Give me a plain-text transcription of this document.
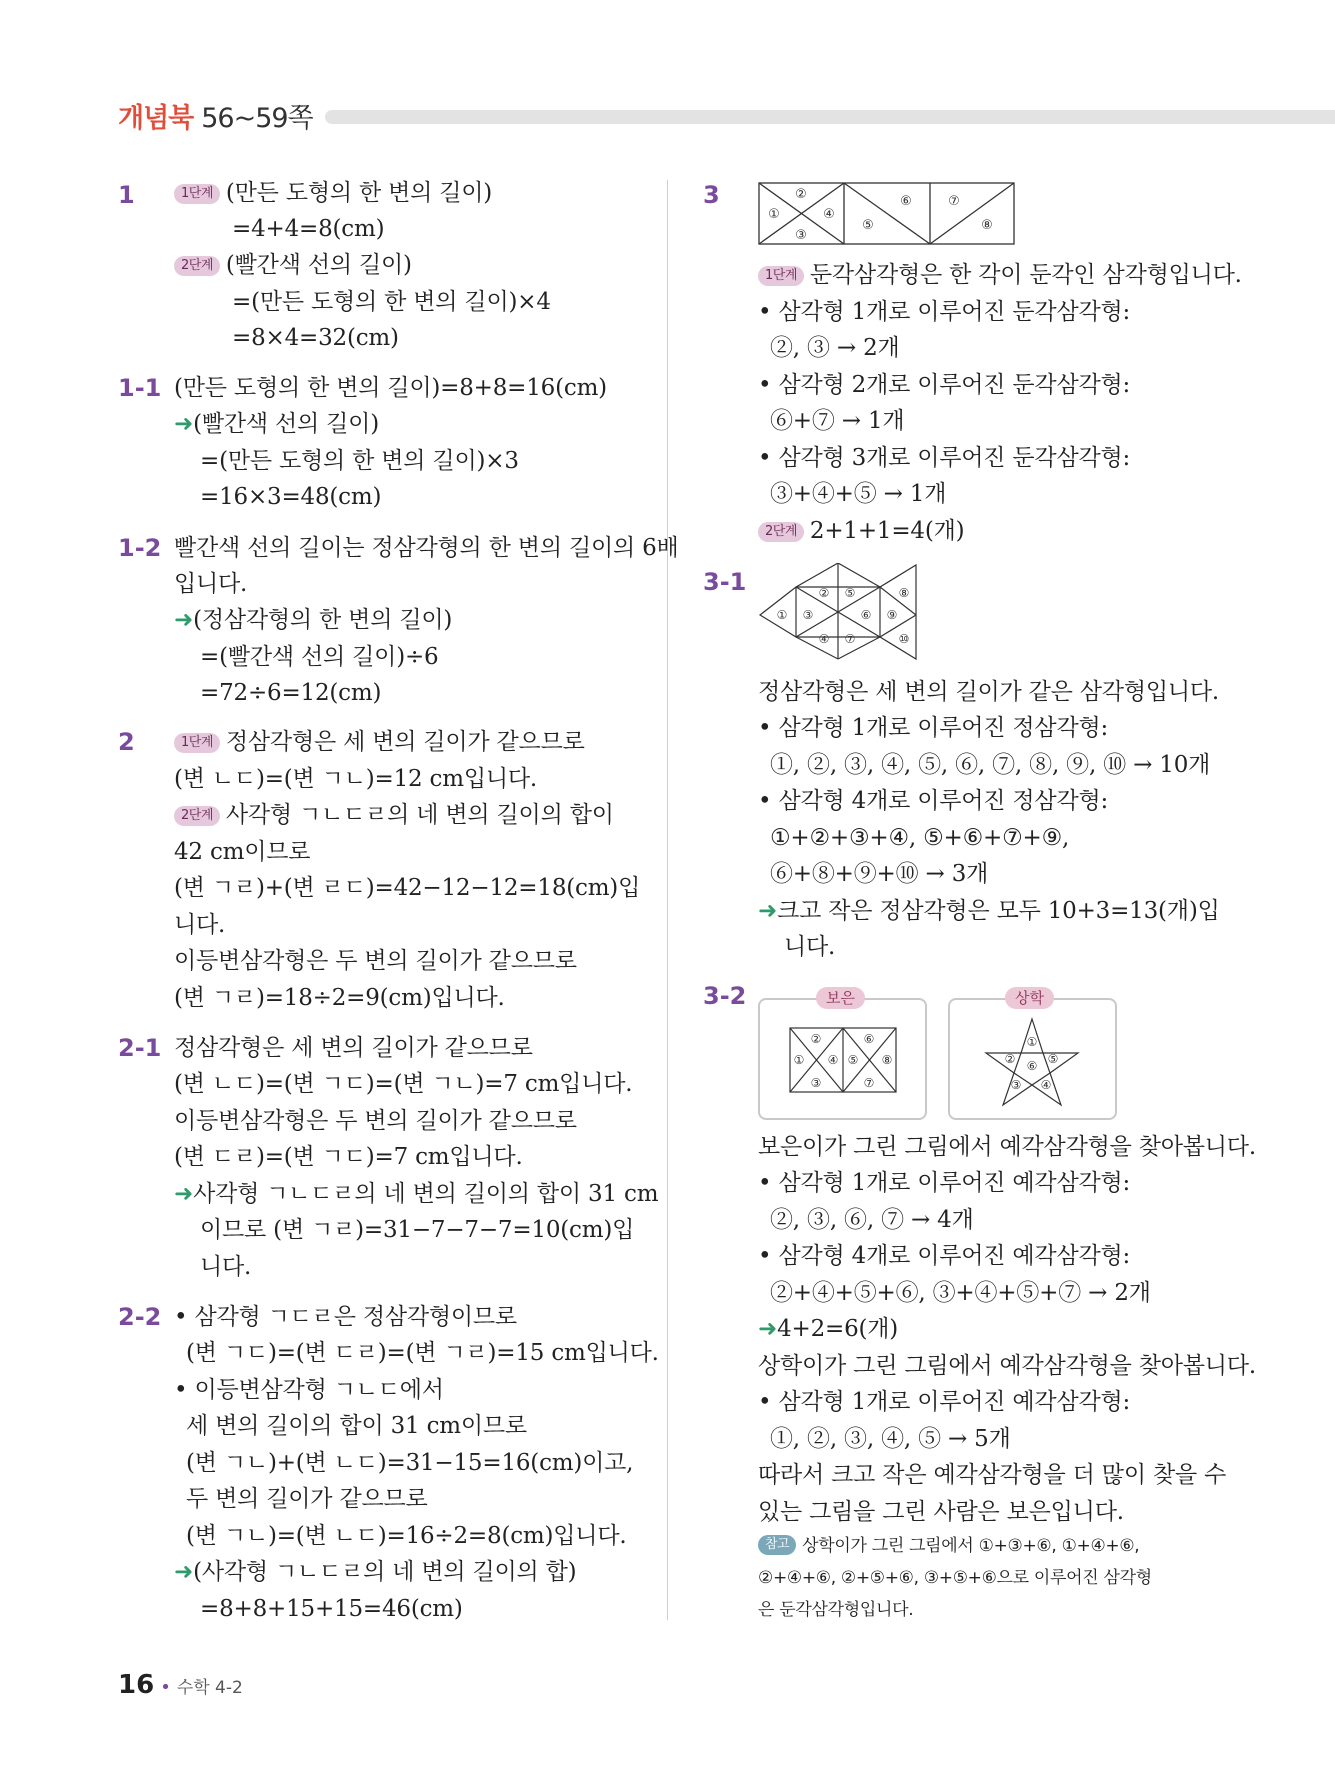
개념북 56~59쪽
1	1단계 (만든 도형의 한 변의 길이)
=4+4=8(cm)
2단계 (빨간색 선의 길이)
=(만든 도형의 한 변의 길이)×4
=8×4=32(cm)
1-1 (만든 도형의 한 변의 길이)=8+8=16(cm)
➜(빨간색 선의 길이)
=(만든 도형의 한 변의 길이)×3
=16×3=48(cm)
1-2 빨간색 선의 길이는 정삼각형의 한 변의 길이의 6배
입니다.
➜(정삼각형의 한 변의 길이)
=(빨간색 선의 길이)÷6
=72÷6=12(cm)
2	1단계 정삼각형은 세 변의 길이가 같으므로
(변 ㄴㄷ)=(변 ㄱㄴ)=12 cm입니다.
2단계 사각형 ㄱㄴㄷㄹ의 네 변의 길이의 합이
42 cm이므로
(변 ㄱㄹ)+(변 ㄹㄷ)=42−12−12=18(cm)입
니다.
이등변삼각형은 두 변의 길이가 같으므로
(변 ㄱㄹ)=18÷2=9(cm)입니다.
2-1 정삼각형은 세 변의 길이가 같으므로
(변 ㄴㄷ)=(변 ㄱㄷ)=(변 ㄱㄴ)=7 cm입니다.
이등변삼각형은 두 변의 길이가 같으므로
(변 ㄷㄹ)=(변 ㄱㄷ)=7 cm입니다.
➜사각형 ㄱㄴㄷㄹ의 네 변의 길이의 합이 31 cm
이므로 (변 ㄱㄹ)=31−7−7−7=10(cm)입
니다.
2-2 • 삼각형 ㄱㄷㄹ은 정삼각형이므로
(변 ㄱㄷ)=(변 ㄷㄹ)=(변 ㄱㄹ)=15 cm입니다.
• 이등변삼각형 ㄱㄴㄷ에서
세 변의 길이의 합이 31 cm이므로
(변 ㄱㄴ)+(변 ㄴㄷ)=31−15=16(cm)이고,
두 변의 길이가 같으므로
(변 ㄱㄴ)=(변 ㄴㄷ)=16÷2=8(cm)입니다.
➜(사각형 ㄱㄴㄷㄹ의 네 변의 길이의 합)
=8+8+15+15=46(cm)
3
①
②
③
④
⑤
⑥	⑦
⑧
1단계 둔각삼각형은 한 각이 둔각인 삼각형입니다.
• 삼각형 1개로 이루어진 둔각삼각형:
②, ③ → 2개
• 삼각형 2개로 이루어진 둔각삼각형:
⑥+⑦ → 1개
• 삼각형 3개로 이루어진 둔각삼각형:
③+④+⑤ → 1개
2단계 2+1+1=4(개)
3-1
①
②
③
④
⑤
⑥
⑦
⑧
⑨
⑩
정삼각형은 세 변의 길이가 같은 삼각형입니다.
• 삼각형 1개로 이루어진 정삼각형:
①, ②, ③, ④, ⑤, ⑥, ⑦, ⑧, ⑨, ⑩ → 10개
• 삼각형 4개로 이루어진 정삼각형:
①+②+③+④, ⑤+⑥+⑦+⑨,
⑥+⑧+⑨+⑩ → 3개
➜크고 작은 정삼각형은 모두 10+3=13(개)입
니다.
3-2	보은
①
②
③
④ ⑤
⑥
⑦
⑧
상학
①
②
③ ④
⑤
⑥
보은이가 그린 그림에서 예각삼각형을 찾아봅니다.
• 삼각형 1개로 이루어진 예각삼각형:
②, ③, ⑥, ⑦ → 4개
• 삼각형 4개로 이루어진 예각삼각형:
②+④+⑤+⑥, ③+④+⑤+⑦ → 2개
➜4+2=6(개)
상학이가 그린 그림에서 예각삼각형을 찾아봅니다.
• 삼각형 1개로 이루어진 예각삼각형:
①, ②, ③, ④, ⑤ → 5개
따라서 크고 작은 예각삼각형을 더 많이 찾을 수
있는 그림을 그린 사람은 보은입니다.
참고 상학이가 그린 그림에서 ①+③+⑥, ①+④+⑥,
②+④+⑥, ②+⑤+⑥, ③+⑤+⑥으로 이루어진 삼각형
은 둔각삼각형입니다.
16 • 수학 4-2
